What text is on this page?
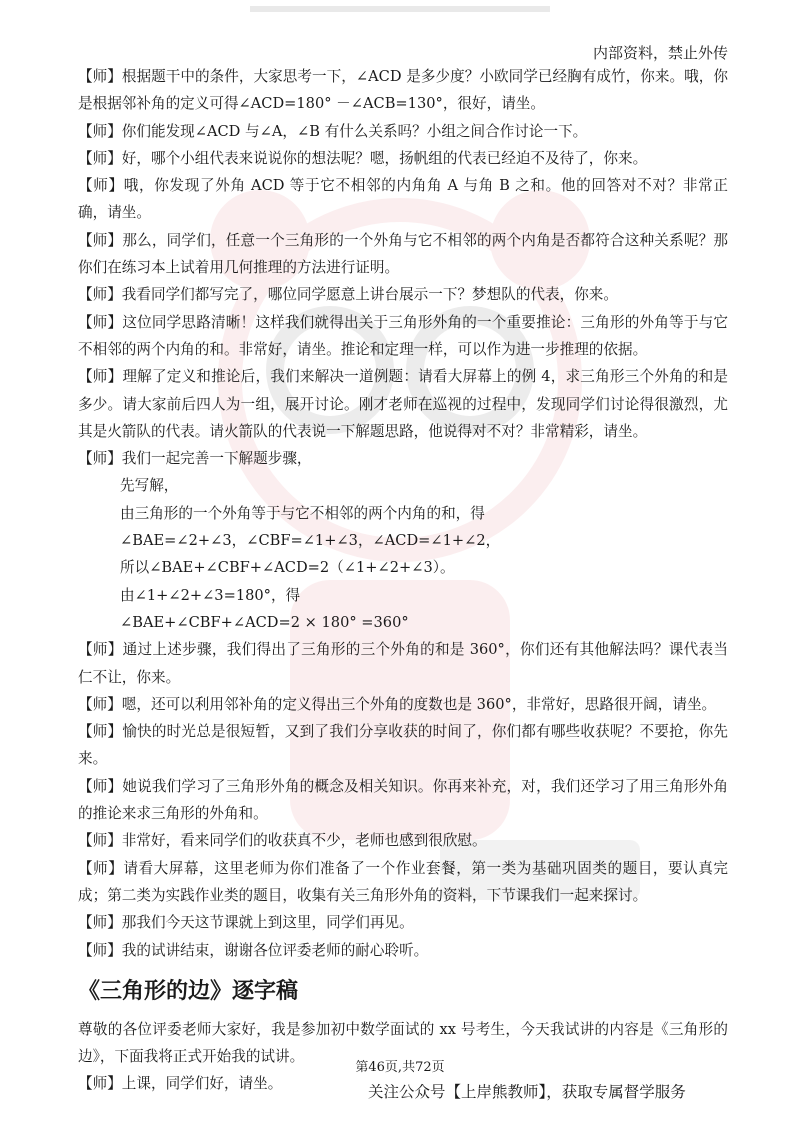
内部资料，禁止外传

【师】根据题干中的条件，大家思考一下，∠ACD 是多少度？小欧同学已经胸有成竹，你来。哦，你是根据邻补角的定义可得∠ACD=180° －∠ACB=130°，很好，请坐。

【师】你们能发现∠ACD 与∠A，∠B 有什么关系吗？小组之间合作讨论一下。

【师】好，哪个小组代表来说说你的想法呢？嗯，扬帆组的代表已经迫不及待了，你来。

【师】哦，你发现了外角 ACD 等于它不相邻的内角角 A 与角 B 之和。他的回答对不对？非常正确，请坐。

【师】那么，同学们，任意一个三角形的一个外角与它不相邻的两个内角是否都符合这种关系呢？那你们在练习本上试着用几何推理的方法进行证明。

【师】我看同学们都写完了，哪位同学愿意上讲台展示一下？梦想队的代表，你来。

【师】这位同学思路清晰！这样我们就得出关于三角形外角的一个重要推论：三角形的外角等于与它不相邻的两个内角的和。非常好，请坐。推论和定理一样，可以作为进一步推理的依据。

【师】理解了定义和推论后，我们来解决一道例题：请看大屏幕上的例 4，求三角形三个外角的和是多少。请大家前后四人为一组，展开讨论。刚才老师在巡视的过程中，发现同学们讨论得很激烈，尤其是火箭队的代表。请火箭队的代表说一下解题思路，他说得对不对？非常精彩，请坐。

【师】我们一起完善一下解题步骤，

先写解，

由三角形的一个外角等于与它不相邻的两个内角的和，得

∠BAE=∠2+∠3，∠CBF=∠1+∠3，∠ACD=∠1+∠2，

所以∠BAE+∠CBF+∠ACD=2（∠1+∠2+∠3）。

由∠1+∠2+∠3=180°，得

∠BAE+∠CBF+∠ACD=2 × 180° =360°

【师】通过上述步骤，我们得出了三角形的三个外角的和是 360°，你们还有其他解法吗？课代表当仁不让，你来。

【师】嗯，还可以利用邻补角的定义得出三个外角的度数也是 360°，非常好，思路很开阔，请坐。

【师】愉快的时光总是很短暂，又到了我们分享收获的时间了，你们都有哪些收获呢？不要抢，你先来。

【师】她说我们学习了三角形外角的概念及相关知识。你再来补充，对，我们还学习了用三角形外角的推论来求三角形的外角和。

【师】非常好，看来同学们的收获真不少，老师也感到很欣慰。

【师】请看大屏幕，这里老师为你们准备了一个作业套餐，第一类为基础巩固类的题目，要认真完成；第二类为实践作业类的题目，收集有关三角形外角的资料，下节课我们一起来探讨。

【师】那我们今天这节课就上到这里，同学们再见。

【师】我的试讲结束，谢谢各位评委老师的耐心聆听。

《三角形的边》逐字稿

尊敬的各位评委老师大家好，我是参加初中数学面试的 xx 号考生，今天我试讲的内容是《三角形的边》，下面我将正式开始我的试讲。

【师】上课，同学们好，请坐。

第46页,共72页
关注公众号【上岸熊教师】，获取专属督学服务
